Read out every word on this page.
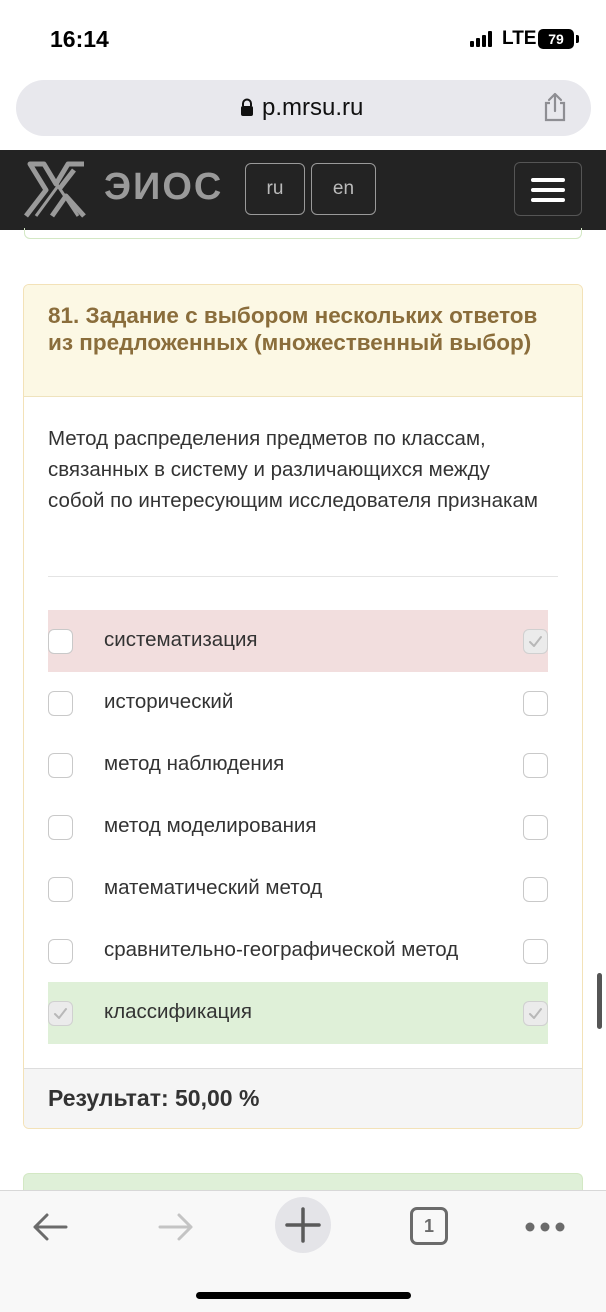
16:14	LTE 79
p.mrsu.ru
ЭИОС	ru	en
81. Задание с выбором нескольких ответов из предложенных (множественный выбор)
Метод распределения предметов по классам, связанных в систему и различающихся между собой по интересующим исследователя признакам
систематизация
исторический
метод наблюдения
метод моделирования
математический метод
сравнительно-географической метод
классификация
Результат: 50,00 %
1
